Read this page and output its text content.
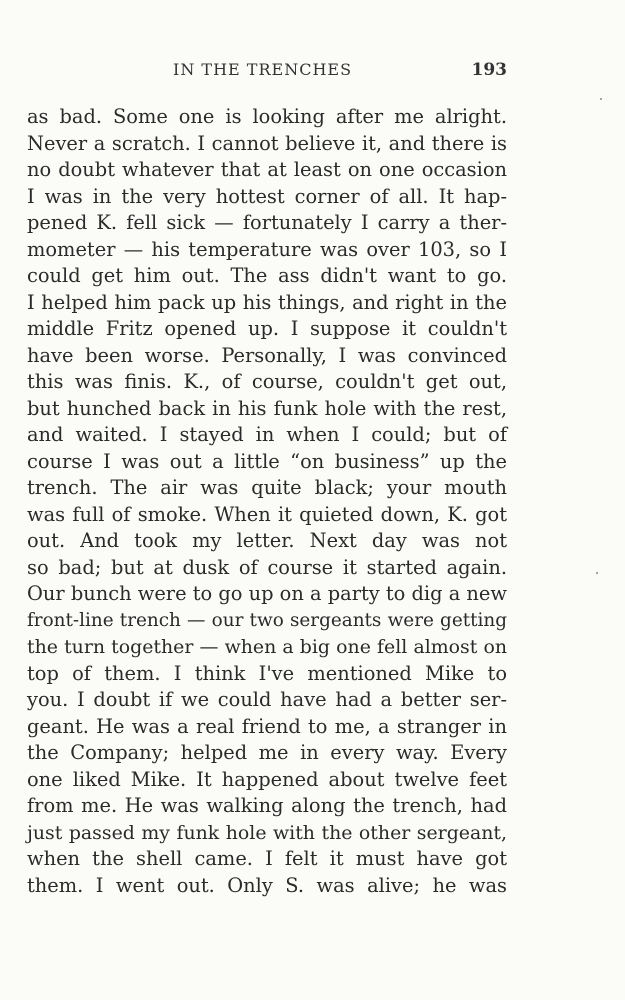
IN THE TRENCHES	193
as bad. Some one is looking after me alright.
Never a scratch. I cannot believe it, and there is
no doubt whatever that at least on one occasion
I was in the very hottest corner of all. It hap-
pened K. fell sick — fortunately I carry a ther-
mometer — his temperature was over 103, so I
could get him out. The ass didn't want to go.
I helped him pack up his things, and right in the
middle Fritz opened up. I suppose it couldn't
have been worse. Personally, I was convinced
this was finis. K., of course, couldn't get out,
but hunched back in his funk hole with the rest,
and waited. I stayed in when I could; but of
course I was out a little “on business” up the
trench. The air was quite black; your mouth
was full of smoke. When it quieted down, K. got
out. And took my letter. Next day was not
so bad; but at dusk of course it started again.
Our bunch were to go up on a party to dig a new
front-line trench — our two sergeants were getting
the turn together — when a big one fell almost on
top of them. I think I've mentioned Mike to
you. I doubt if we could have had a better ser-
geant. He was a real friend to me, a stranger in
the Company; helped me in every way. Every
one liked Mike. It happened about twelve feet
from me. He was walking along the trench, had
just passed my funk hole with the other sergeant,
when the shell came. I felt it must have got
them. I went out. Only S. was alive; he was
